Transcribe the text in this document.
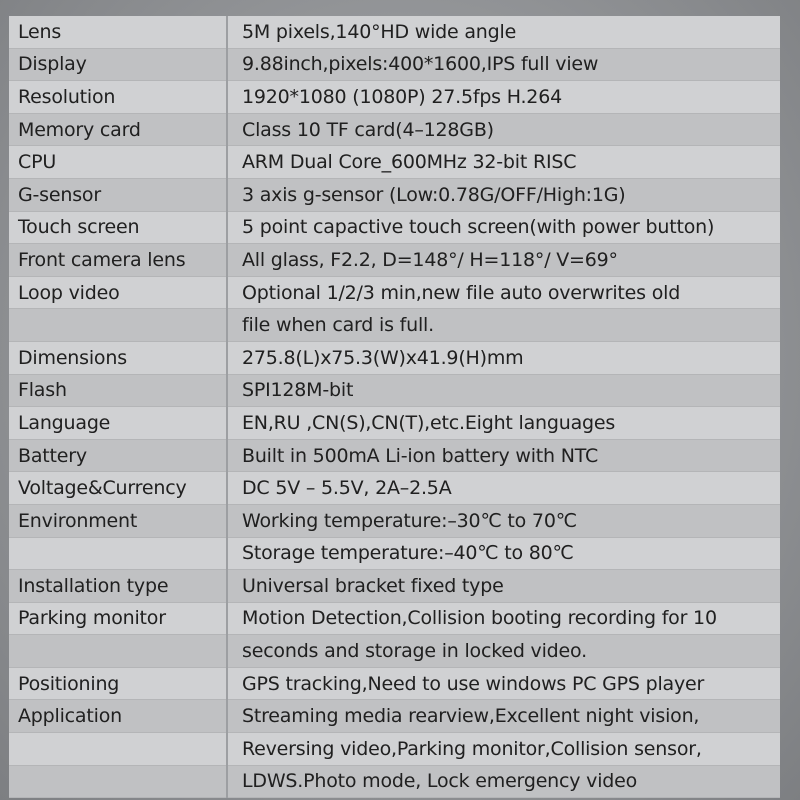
Lens	5M pixels,140°HD wide angle
Display	9.88inch,pixels:400*1600,IPS full view
Resolution	1920*1080 (1080P) 27.5fps H.264
Memory card	Class 10 TF card(4–128GB)
CPU	ARM Dual Core_600MHz 32-bit RISC
G-sensor	3 axis g-sensor (Low:0.78G/OFF/High:1G)
Touch screen	5 point capactive touch screen(with power button)
Front camera lens	All glass, F2.2, D=148°/ H=118°/ V=69°
Loop video	Optional 1/2/3 min,new file auto overwrites old
	file when card is full.
Dimensions	275.8(L)x75.3(W)x41.9(H)mm
Flash	SPI128M-bit
Language	EN,RU ,CN(S),CN(T),etc.Eight languages
Battery	Built in 500mA Li-ion battery with NTC
Voltage&Currency	DC 5V – 5.5V, 2A–2.5A
Environment	Working temperature:–30℃ to 70℃
	Storage temperature:–40℃ to 80℃
Installation type	Universal bracket fixed type
Parking monitor	Motion Detection,Collision booting recording for 10
	seconds and storage in locked video.
Positioning	GPS tracking,Need to use windows PC GPS player
Application	Streaming media rearview,Excellent night vision,
	Reversing video,Parking monitor,Collision sensor,
	LDWS.Photo mode, Lock emergency video
